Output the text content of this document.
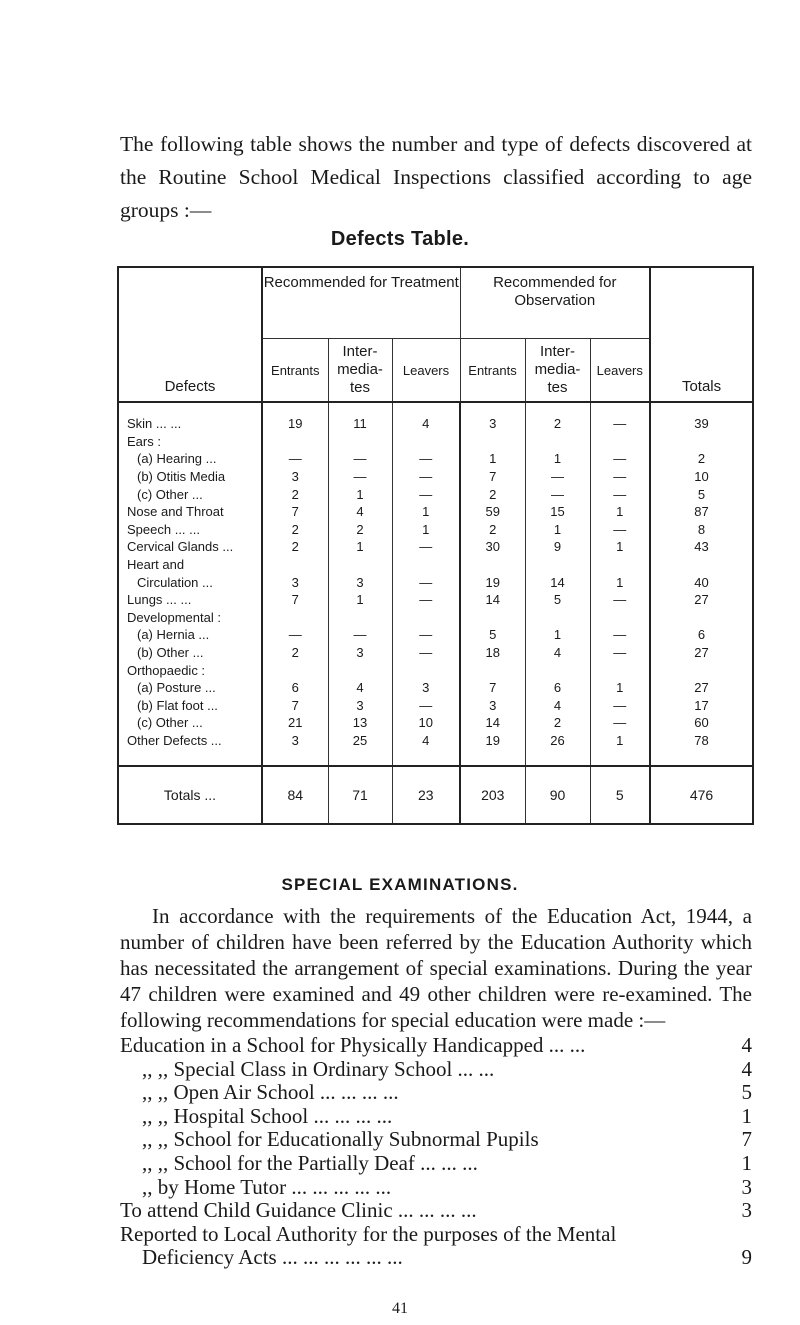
The following table shows the number and type of defects discovered at the Routine School Medical Inspections classified according to age groups :—
Defects Table.
Defects	Recommended for Treatment			Recommended for Observation			Totals
	Entrants	Inter- media- tes	Leavers	Entrants	Inter- media- tes	Leavers	

Skin ... ...	19	11	4	3	2	—	39
Ears :							
(a) Hearing ...	—	—	—	1	1	—	2
(b) Otitis Media	3	—	—	7	—	—	10
(c) Other ...	2	1	—	2	—	—	5
Nose and Throat	7	4	1	59	15	1	87
Speech ... ...	2	2	1	2	1	—	8
Cervical Glands ...	2	1	—	30	9	1	43
Heart and							
Circulation ...	3	3	—	19	14	1	40
Lungs ... ...	7	1	—	14	5	—	27
Developmental :							
(a) Hernia ...	—	—	—	5	1	—	6
(b) Other ...	2	3	—	18	4	—	27
Orthopaedic :							
(a) Posture ...	6	4	3	7	6	1	27
(b) Flat foot ...	7	3	—	3	4	—	17
(c) Other ...	21	13	10	14	2	—	60
Other Defects ...	3	25	4	19	26	1	78

Totals ...	84	71	23	203	90	5	476
SPECIAL EXAMINATIONS.
In accordance with the requirements of the Education Act, 1944, a number of children have been referred by the Education Authority which has necessitated the arrangement of special examinations. During the year 47 children were examined and 49 other children were re-examined. The following recommendations for special education were made :—
Education in a School for Physically Handicapped ... ...	4
,, ,, Special Class in Ordinary School ... ...	4
,, ,, Open Air School ... ... ... ...	5
,, ,, Hospital School ... ... ... ...	1
,, ,, School for Educationally Subnormal Pupils	7
,, ,, School for the Partially Deaf ... ... ...	1
,, by Home Tutor ... ... ... ... ...	3
To attend Child Guidance Clinic ... ... ... ...	3
Reported to Local Authority for the purposes of the Mental
Deficiency Acts ... ... ... ... ... ...	9
41
